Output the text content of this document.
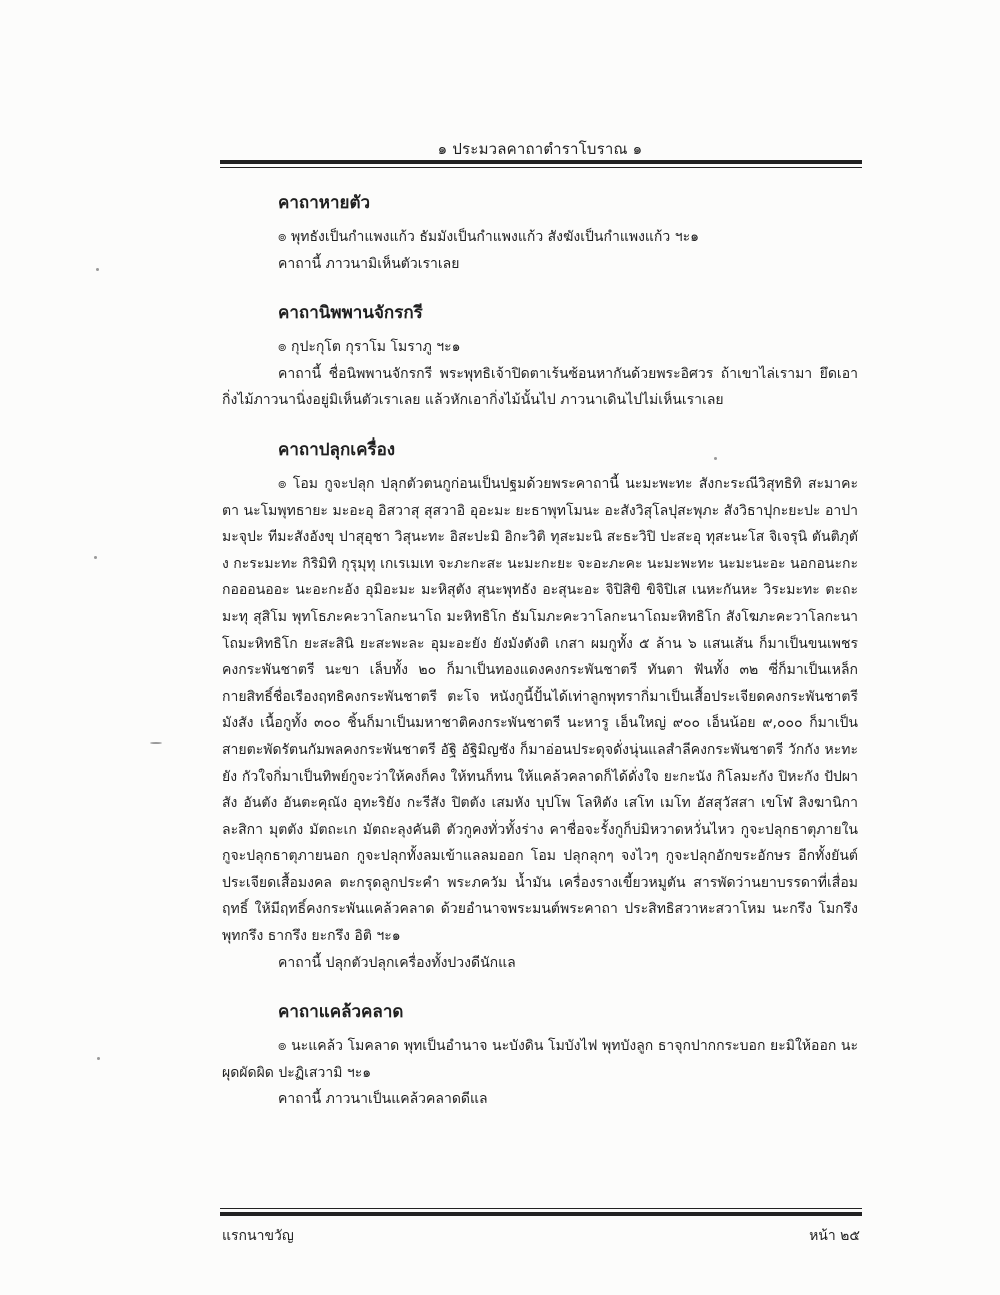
๑ ประมวลคาถาตำราโบราณ ๑
คาถาหายตัว

๏ พุทธังเป็นกำแพงแก้ว ธัมมังเป็นกำแพงแก้ว สังฆังเป็นกำแพงแก้ว ฯะ๑

คาถานี้ ภาวนามิเห็นตัวเราเลย

คาถานิพพานจักรกรี

๏ กุปะกุโต กุราโม โมราภู ฯะ๑

คาถานี้ ชื่อนิพพานจักรกรี พระพุทธิเจ้าปิดตาเร้นซ้อนหากันด้วยพระอิศวร ถ้าเขาไล่เรามา ยึดเอากิ่งไม้ภาวนานิ่งอยู่มิเห็นตัวเราเลย แล้วหักเอากิ่งไม้นั้นไป ภาวนาเดินไปไม่เห็นเราเลย

คาถาปลุกเครื่อง

๏ โอม กูจะปลุก ปลุกตัวตนกูก่อนเป็นปฐมด้วยพระคาถานี้ นะมะพะทะ สังกะระณีวิสุทธิทิ สะมาคะตา นะโมพุทธายะ มะอะอุ อิสวาสุ สุสวาอิ อุอะมะ ยะธาพุทโมนะ อะสังวิสุโลปุสะพุภะ สังวิธาปุกะยะปะ อาปามะจุปะ ทีมะสังอังขุ ปาสุอุชา วิสุนะทะ อิสะปะมิ อิกะวิติ ทุสะมะนิ สะธะวิปิ ปะสะอุ ทุสะนะโส จิเจรุนิ ตันติภุตัง กะระมะทะ กิริมิทิ กุรุมุทุ เกเรเมเท จะภะกะสะ นะมะกะยะ จะอะภะคะ นะมะพะทะ นะมะนะอะ นอกอนะกะ กอออนออะ นะอะกะอัง อุมิอะมะ มะหิสุตัง สุนะพุทธัง อะสุนะอะ จิปิสิขิ ขิจิปิเส เนหะกันหะ วิระมะทะ ตะถะมะทุ สุสิโม พุทโธภะคะวาโลกะนาโถ มะหิทธิโก ธัมโมภะคะวาโลกะนาโถมะหิทธิโก สังโฆภะคะวาโลกะนาโถมะหิทธิโก ยะสะสินิ ยะสะพะละ อุมะอะยัง ยังมังตังติ เกสา ผมกูทั้ง ๕ ล้าน ๖ แสนเส้น ก็มาเป็นขนเพชรคงกระพันชาตรี นะขา เล็บทั้ง ๒๐ ก็มาเป็นทองแดงคงกระพันชาตรี ทันตา ฟันทั้ง ๓๒ ซี่ก็มาเป็นเหล็กกายสิทธิ์ชื่อเรืองฤทธิคงกระพันชาตรี ตะโจ หนังกูนี้ปั้นได้เท่าลูกพุทรากิ่มาเป็นเสื้อประเจียดคงกระพันชาตรี มังสัง เนื้อกูทั้ง ๓๐๐ ชิ้นก็มาเป็นมหาชาติคงกระพันชาตรี นะหารู เอ็นใหญ่ ๙๐๐ เอ็นน้อย ๙,๐๐๐ ก็มาเป็นสายตะพัดรัตนกัมพลคงกระพันชาตรี อัฐิ อัฐิมิญชัง ก็มาอ่อนประดุจดั่งนุ่นแลสำลีคงกระพันชาตรี วักกัง หะทะยัง กัวใจกิ่มาเป็นทิพย์กูจะว่าให้คงก็คง ให้ทนก็ทน ให้แคล้วคลาดก็ได้ดั่งใจ ยะกะนัง กิโลมะกัง ปิหะกัง ปัปผาสัง อันตัง อันตะคุณัง อุทะริยัง กะรีสัง ปิตตัง เสมหัง บุปโพ โลหิตัง เสโท เมโท อัสสุวัสสา เขโฬ สิงฆานิกา ละสิกา มุตตัง มัตถะเก มัตถะลุงคันติ ตัวกูคงทั่วทั้งร่าง คาชื่อจะรั้งกูก็บ่มิหวาดหวั่นไหว กูจะปลุกธาตุภายใน กูจะปลุกธาตุภายนอก กูจะปลุกทั้งลมเข้าแลลมออก โอม ปลุกลุกๆ จงไวๆ กูจะปลุกอักขระอักษร อีกทั้งยันต์ประเจียดเสื้อมงคล ตะกรุดลูกประคำ พระภควัม น้ำมัน เครื่องรางเขี้ยวหมูตัน สารพัดว่านยาบรรดาที่เสื่อมฤทธิ์ ให้มีฤทธิ์คงกระพันแคล้วคลาด ด้วยอำนาจพระมนต์พระคาถา ประสิทธิสวาหะสวาโหม นะกรึง โมกรึง พุทกรึง ธากรึง ยะกรึง อิติ ฯะ๑

คาถานี้ ปลุกตัวปลุกเครื่องทั้งปวงดีนักแล

คาถาแคล้วคลาด

๏ นะแคล้ว โมคลาด พุทเป็นอำนาจ นะบังดิน โมบังไฟ พุทบังลูก ธาจุกปากกระบอก ยะมิให้ออก นะผุดผัดผิด ปะฏิเสวามิ ฯะ๑

คาถานี้ ภาวนาเป็นแคล้วคลาดดีแล

แรกนาขวัญ	หน้า ๒๕
